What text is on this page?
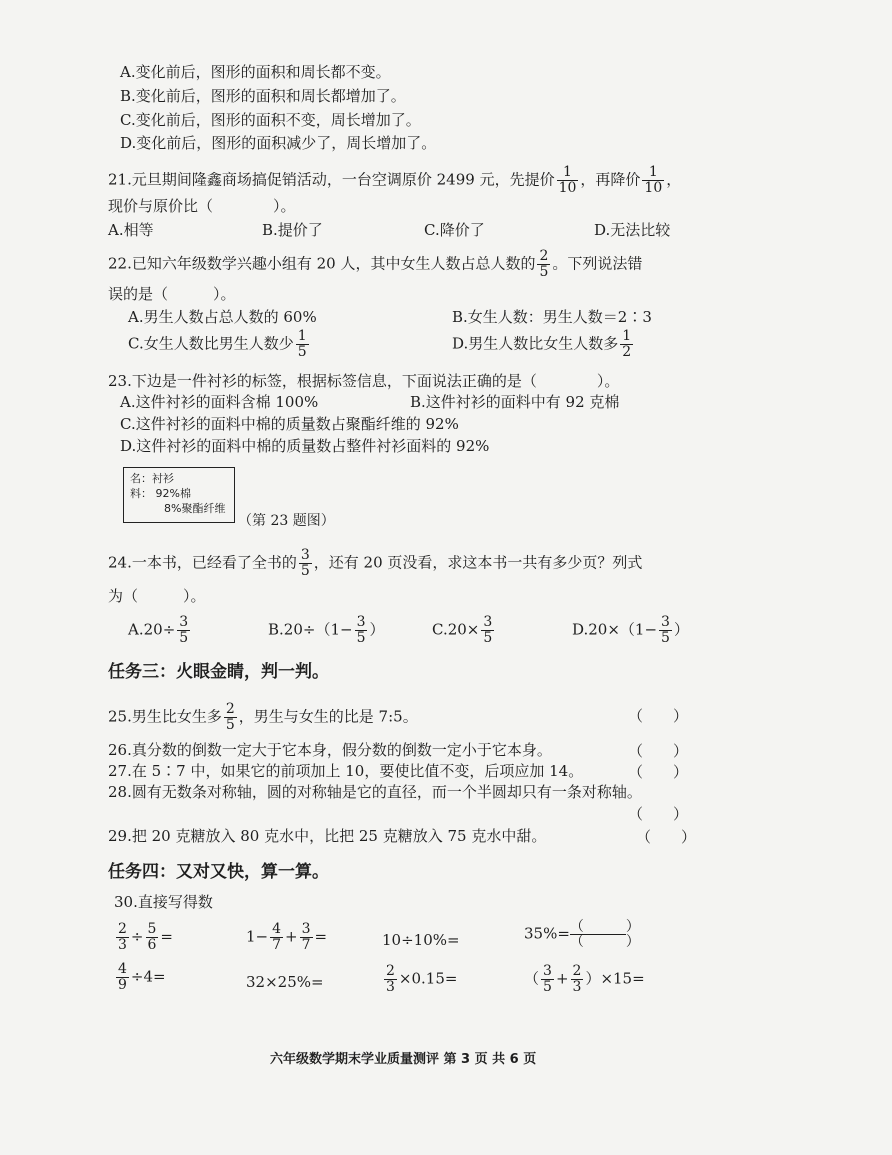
A.变化前后，图形的面积和周长都不变。
B.变化前后，图形的面积和周长都增加了。
C.变化前后，图形的面积不变，周长增加了。
D.变化前后，图形的面积减少了，周长增加了。
21.元旦期间隆鑫商场搞促销活动，一台空调原价 2499 元，先提价 $\frac{1}{10}$ ，再降价 $\frac{1}{10}$ ，
现价与原价比（　　　　）。
A.相等	B.提价了	C.降价了	D.无法比较
22.已知六年级数学兴趣小组有 20 人，其中女生人数占总人数的 $\frac{2}{5}$ 。下列说法错
误的是（　　　）。
A.男生人数占总人数的 60%	B.女生人数：男生人数＝2∶3
C.女生人数比男生人数少 $\frac{1}{5}$	D.男生人数比女生人数多 $\frac{1}{2}$
23.下边是一件衬衫的标签，根据标签信息，下面说法正确的是（　　　　）。
A.这件衬衫的面料含棉 100%	B.这件衬衫的面料中有 92 克棉
C.这件衬衫的面料中棉的质量数占聚酯纤维的 92%
D.这件衬衫的面料中棉的质量数占整件衬衫面料的 92%
名：衬衫
料： 92%棉
8%聚酯纤维
（第 23 题图）
24.一本书，已经看了全书的 $\frac{3}{5}$ ，还有 20 页没看，求这本书一共有多少页？列式
为（　　　）。
$A.20\div \frac{3}{5}$	$B.20\div(1- \frac{3}{5}$ ）	$C.20\times \frac{3}{5}$	$D.20\times(1- \frac{3}{5}$ ）
任务三：火眼金睛，判一判。
25.男生比女生多 $\frac{2}{5}$ ，男生与女生的比是 7:5。	（　　）
26.真分数的倒数一定大于它本身，假分数的倒数一定小于它本身。	（　　）
27.在 5∶7 中，如果它的前项加上 10，要使比值不变，后项应加 14。	（　　）
28.圆有无数条对称轴，圆的对称轴是它的直径，而一个半圆却只有一条对称轴。
（　　）
29.把 20 克糖放入 80 克水中，比把 25 克糖放入 75 克水中甜。	（　　）
任务四：又对又快，算一算。
30.直接写得数
$\frac{2}{3} \div \frac{5}{6}$ =	$1- \frac{4}{7} + \frac{3}{7}$ =	10÷10%=	35%= （　　　）
（　　　）
$\frac{4}{9} \div 4=$	32×25%=	$\frac{2}{3} \times 0.15=$	（ $\frac{3}{5} + \frac{2}{3} )\times 15=$
六年级数学期末学业质量测评 第 3 页 共 6 页
